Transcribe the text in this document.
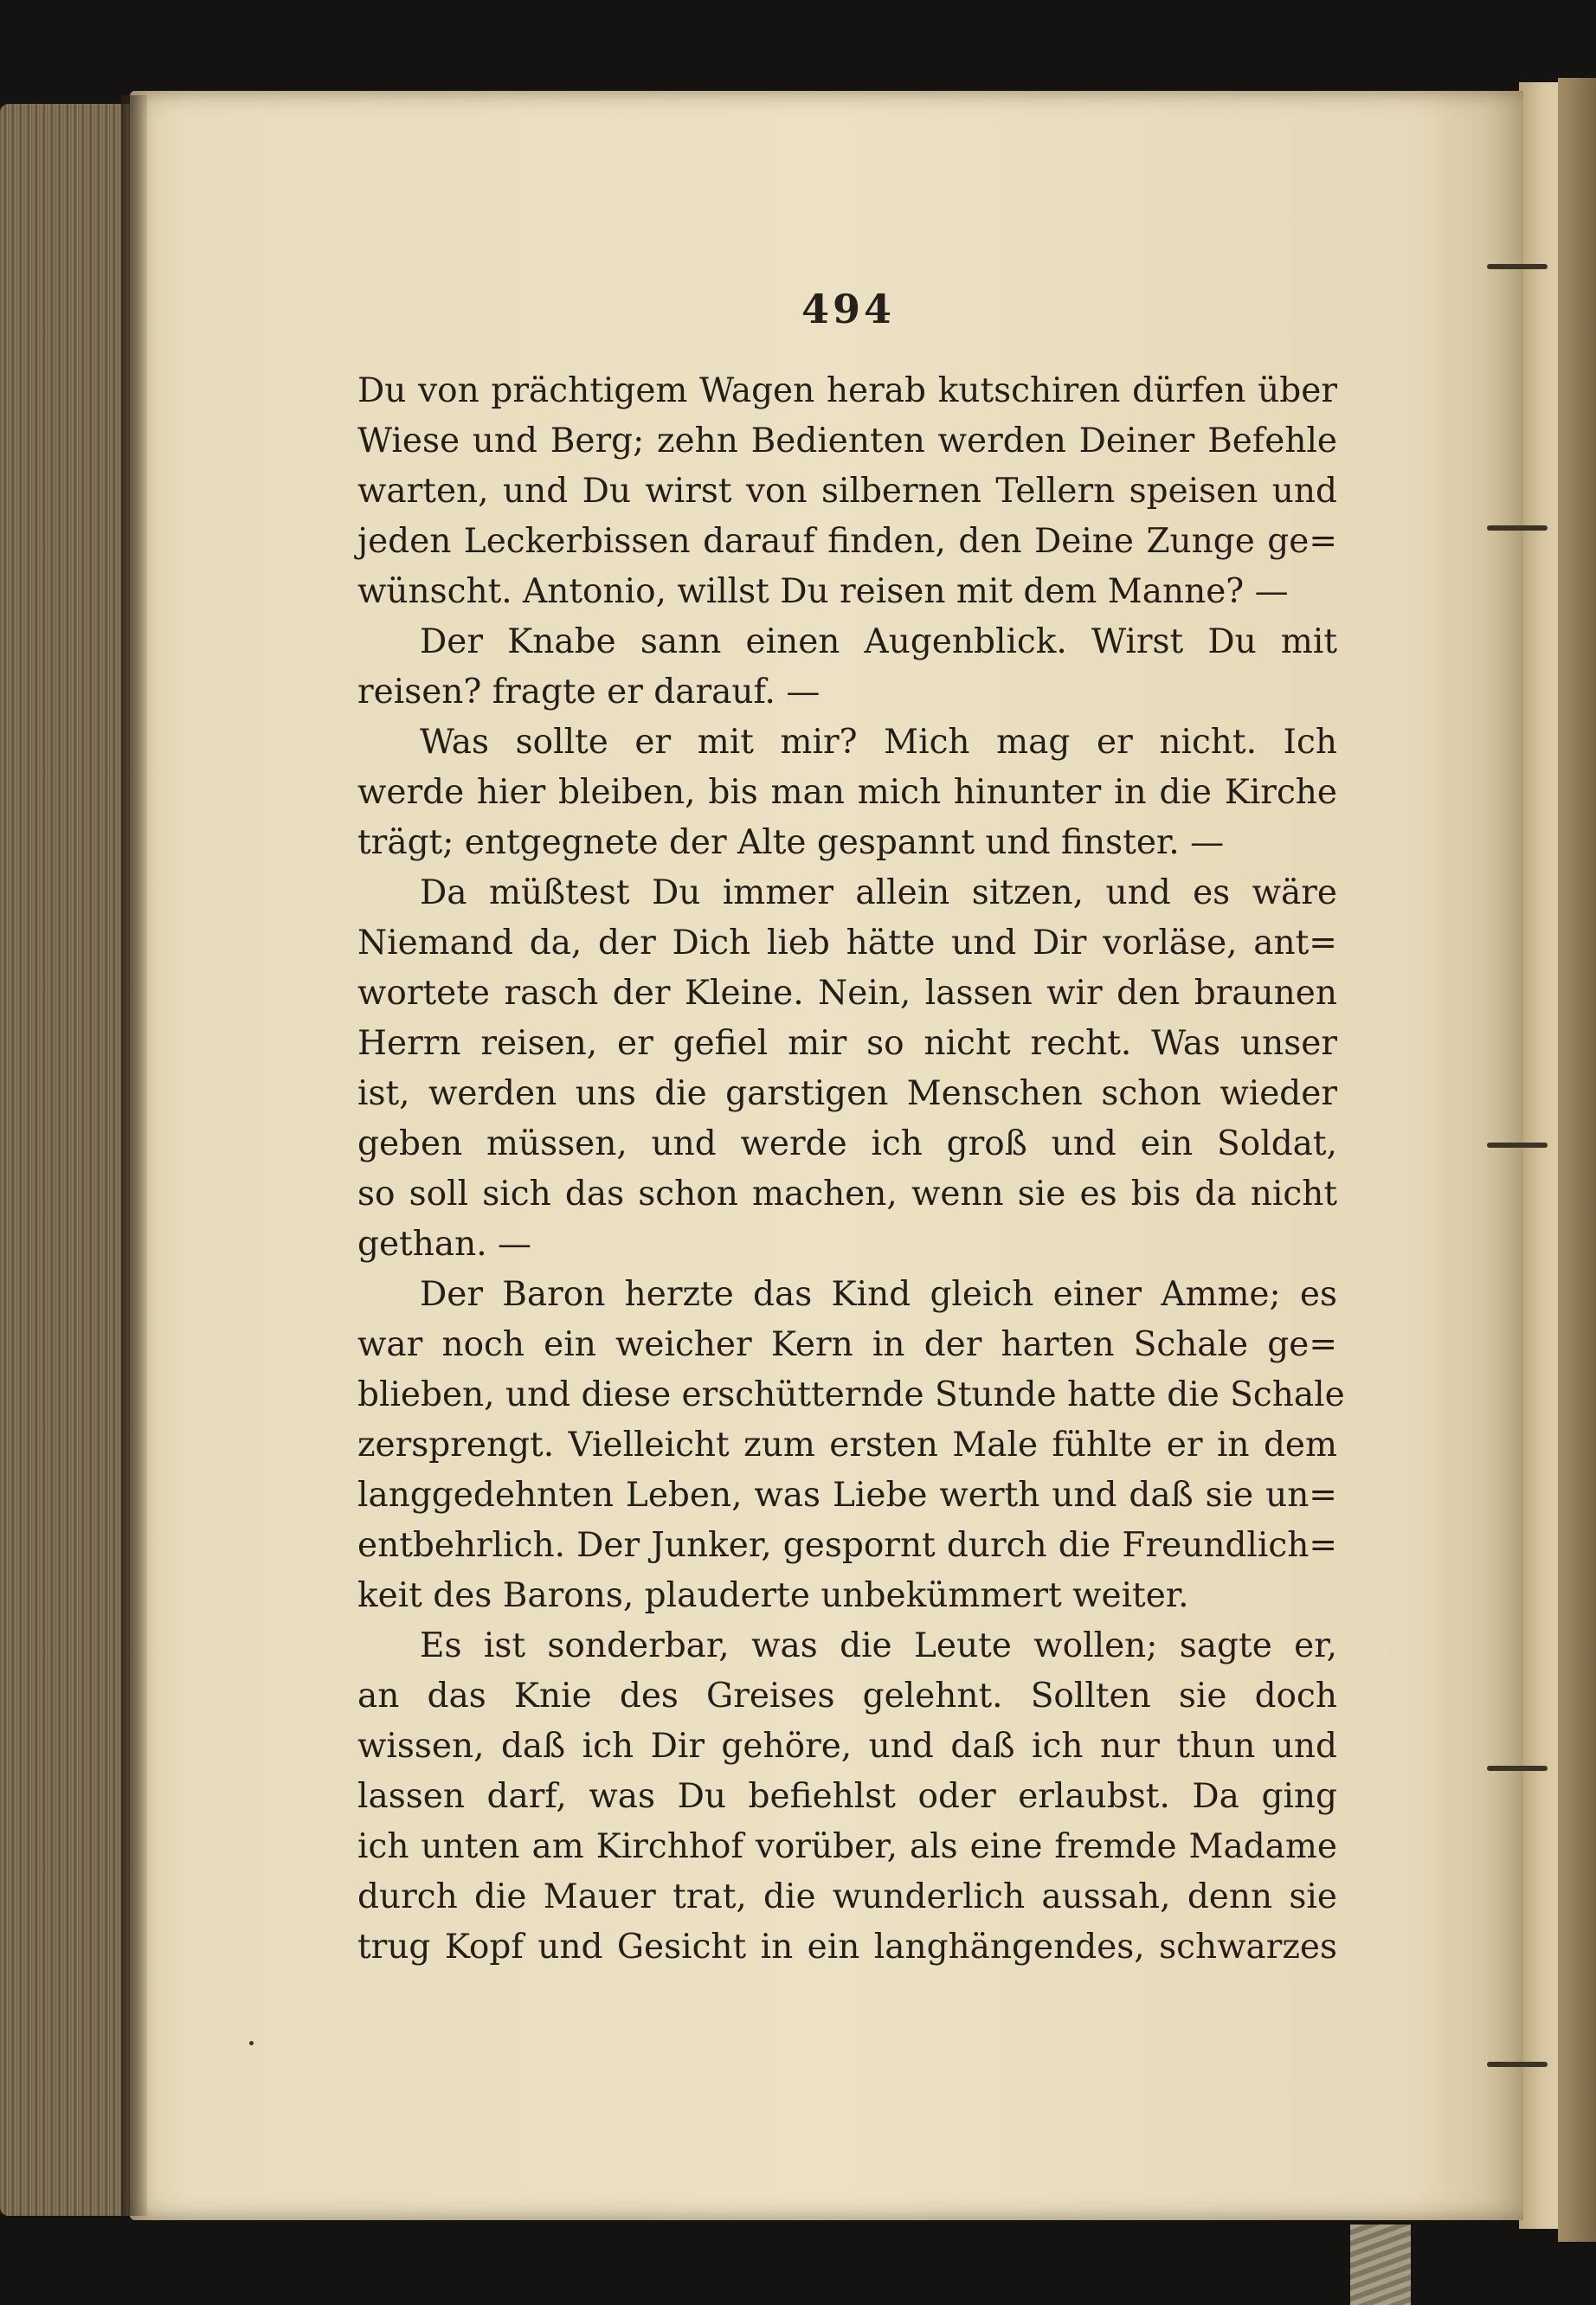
494
Du von prächtigem Wagen herab kutschiren dürfen über
Wiese und Berg; zehn Bedienten werden Deiner Befehle
warten, und Du wirst von silbernen Tellern speisen und
jeden Leckerbissen darauf finden, den Deine Zunge ge=
wünscht. Antonio, willst Du reisen mit dem Manne? —
Der Knabe sann einen Augenblick. Wirst Du mit
reisen? fragte er darauf. —
Was sollte er mit mir? Mich mag er nicht. Ich
werde hier bleiben, bis man mich hinunter in die Kirche
trägt; entgegnete der Alte gespannt und finster. —
Da müßtest Du immer allein sitzen, und es wäre
Niemand da, der Dich lieb hätte und Dir vorläse, ant=
wortete rasch der Kleine. Nein, lassen wir den braunen
Herrn reisen, er gefiel mir so nicht recht. Was unser
ist, werden uns die garstigen Menschen schon wieder
geben müssen, und werde ich groß und ein Soldat,
so soll sich das schon machen, wenn sie es bis da nicht
gethan. —
Der Baron herzte das Kind gleich einer Amme; es
war noch ein weicher Kern in der harten Schale ge=
blieben, und diese erschütternde Stunde hatte die Schale
zersprengt. Vielleicht zum ersten Male fühlte er in dem
langgedehnten Leben, was Liebe werth und daß sie un=
entbehrlich. Der Junker, gespornt durch die Freundlich=
keit des Barons, plauderte unbekümmert weiter.
Es ist sonderbar, was die Leute wollen; sagte er,
an das Knie des Greises gelehnt. Sollten sie doch
wissen, daß ich Dir gehöre, und daß ich nur thun und
lassen darf, was Du befiehlst oder erlaubst. Da ging
ich unten am Kirchhof vorüber, als eine fremde Madame
durch die Mauer trat, die wunderlich aussah, denn sie
trug Kopf und Gesicht in ein langhängendes, schwarzes
